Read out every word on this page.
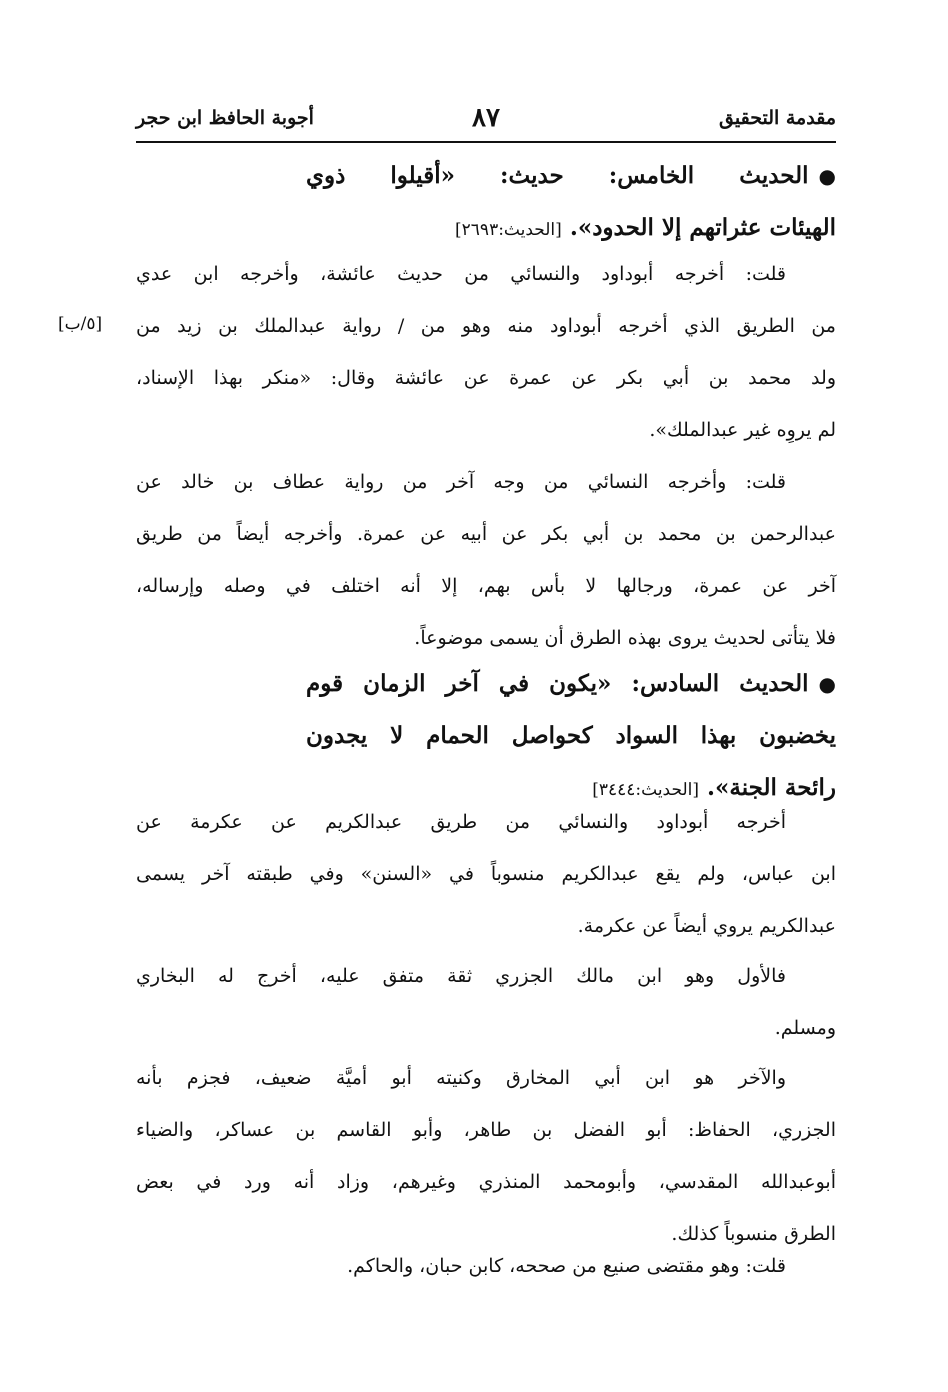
مقدمة التحقيق
٨٧
أجوبة الحافظ ابن حجر
●الحديث الخامس: حديث: «أقيلوا ذوي
الهيئات عثراتهم إلا الحدود». [الحديث:٢٦٩٣]
قلت: أخرجه أبوداود والنسائي من حديث عائشة، وأخرجه ابن عدي
من الطريق الذي أخرجه أبوداود منه وهو من / رواية عبدالملك بن زيد من
ولد محمد بن أبي بكر عن عمرة عن عائشة وقال: «منكر بهذا الإسناد،
لم يروِه غير عبدالملك».
[٥/ب]
قلت: وأخرجه النسائي من وجه آخر من رواية عطاف بن خالد عن
عبدالرحمن بن محمد بن أبي بكر عن أبيه عن عمرة. وأخرجه أيضاً من طريق
آخر عن عمرة، ورجالها لا بأس بهم، إلا أنه اختلف في وصله وإرساله،
فلا يتأتى لحديث يروى بهذه الطرق أن يسمى موضوعاً.
●الحديث السادس: «يكون في آخر الزمان قوم
يخضبون بهذا السواد كحواصل الحمام لا يجدون
رائحة الجنة». [الحديث:٣٤٤٤]
أخرجه أبوداود والنسائي من طريق عبدالكريم عن عكرمة عن
ابن عباس، ولم يقع عبدالكريم منسوباً في «السنن» وفي طبقته آخر يسمى
عبدالكريم يروي أيضاً عن عكرمة.
فالأول وهو ابن مالك الجزري ثقة متفق عليه، أخرج له البخاري
ومسلم.
والآخر هو ابن أبي المخارق وكنيته أبو أميَّة ضعيف، فجزم بأنه
الجزري، الحفاظ: أبو الفضل بن طاهر، وأبو القاسم بن عساكر، والضياء
أبوعبدالله المقدسي، وأبومحمد المنذري وغيرهم، وزاد أنه ورد في بعض
الطرق منسوباً كذلك.
قلت: وهو مقتضى صنيع من صححه، كابن حبان، والحاكم.
